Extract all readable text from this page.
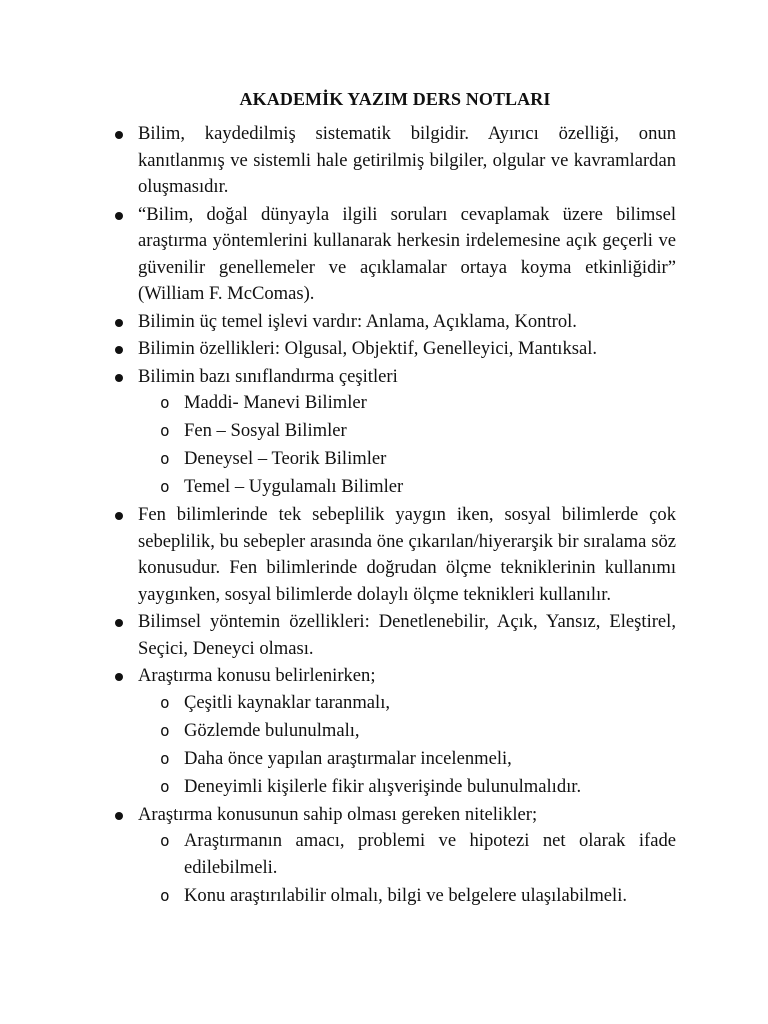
AKADEMİK YAZIM DERS NOTLARI
Bilim, kaydedilmiş sistematik bilgidir. Ayırıcı özelliği, onun kanıtlanmış ve sistemli hale getirilmiş bilgiler, olgular ve kavramlardan oluşmasıdır.
“Bilim, doğal dünyayla ilgili soruları cevaplamak üzere bilimsel araştırma yöntemlerini kullanarak herkesin irdelemesine açık geçerli ve güvenilir genellemeler ve açıklamalar ortaya koyma etkinliğidir” (William F. McComas).
Bilimin üç temel işlevi vardır: Anlama, Açıklama, Kontrol.
Bilimin özellikleri: Olgusal, Objektif, Genelleyici, Mantıksal.
Bilimin bazı sınıflandırma çeşitleri
o Maddi- Manevi Bilimler
o Fen – Sosyal Bilimler
o Deneysel – Teorik Bilimler
o Temel – Uygulamalı Bilimler
Fen bilimlerinde tek sebeplilik yaygın iken, sosyal bilimlerde çok sebeplilik, bu sebepler arasında öne çıkarılan/hiyerarşik bir sıralama söz konusudur. Fen bilimlerinde doğrudan ölçme tekniklerinin kullanımı yaygınken, sosyal bilimlerde dolaylı ölçme teknikleri kullanılır.
Bilimsel yöntemin özellikleri: Denetlenebilir, Açık, Yansız, Eleştirel, Seçici, Deneyci olması.
Araştırma konusu belirlenirken;
o Çeşitli kaynaklar taranmalı,
o Gözlemde bulunulmalı,
o Daha önce yapılan araştırmalar incelenmeli,
o Deneyimli kişilerle fikir alışverişinde bulunulmalıdır.
Araştırma konusunun sahip olması gereken nitelikler;
o Araştırmanın amacı, problemi ve hipotezi net olarak ifade edilebilmeli.
o Konu araştırılabilir olmalı, bilgi ve belgelere ulaşılabilmeli.
